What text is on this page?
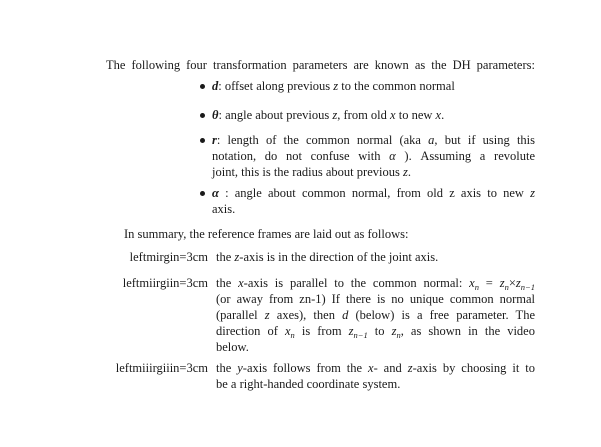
The following four transformation parameters are known as the DH parameters:
d: offset along previous z to the common normal
θ: angle about previous z, from old x to new x.
r: length of the common normal (aka a, but if using this
notation, do not confuse with α ). Assuming a revolute
joint, this is the radius about previous z.
α : angle about common normal, from old z axis to new z
axis.
In summary, the reference frames are laid out as follows:
leftmirgin=3cm the z-axis is in the direction of the joint axis.
leftmiirgiin=3cm the x-axis is parallel to the common normal: $x_n = z_n\times z_{n-1}$
(or away from zn-1) If there is no unique common normal
(parallel z axes), then d (below) is a free parameter. The
direction of $x_n$ is from $z_{n-1}$ to $z_n$, as shown in the video
below.
leftmiiirgiiin=3cm the y-axis follows from the x- and z-axis by choosing it to
be a right-handed coordinate system.
